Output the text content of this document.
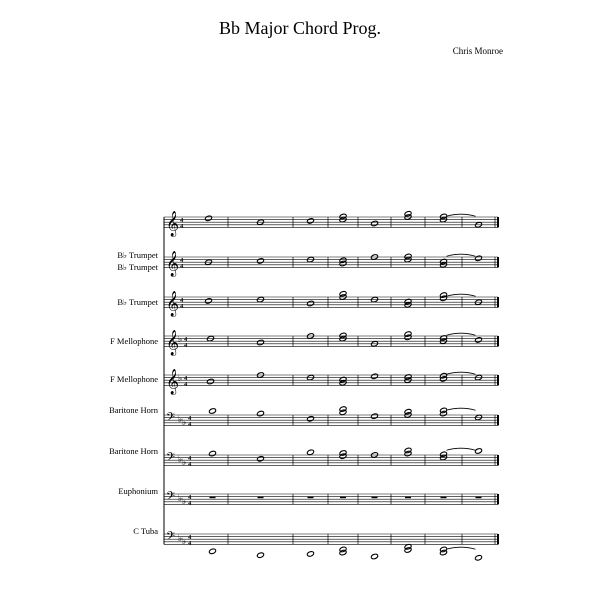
Bb Major Chord Prog.
Chris Monroe
B♭ Trumpet
B♭ Trumpet
B♭ Trumpet
F Mellophone
F Mellophone
Baritone Horn
Baritone Horn
Euphonium
C Tuba
𝄞 4
4
𝄞 4
4
𝄞 4
4
𝄞
♭ 4
4
𝄞
♭ 4
4
𝄢 ♭ ♭ 4
4
𝄢 ♭ ♭ 4
4
𝄢 ♭ ♭ 4
4
𝄢 ♭ ♭ 4
4
